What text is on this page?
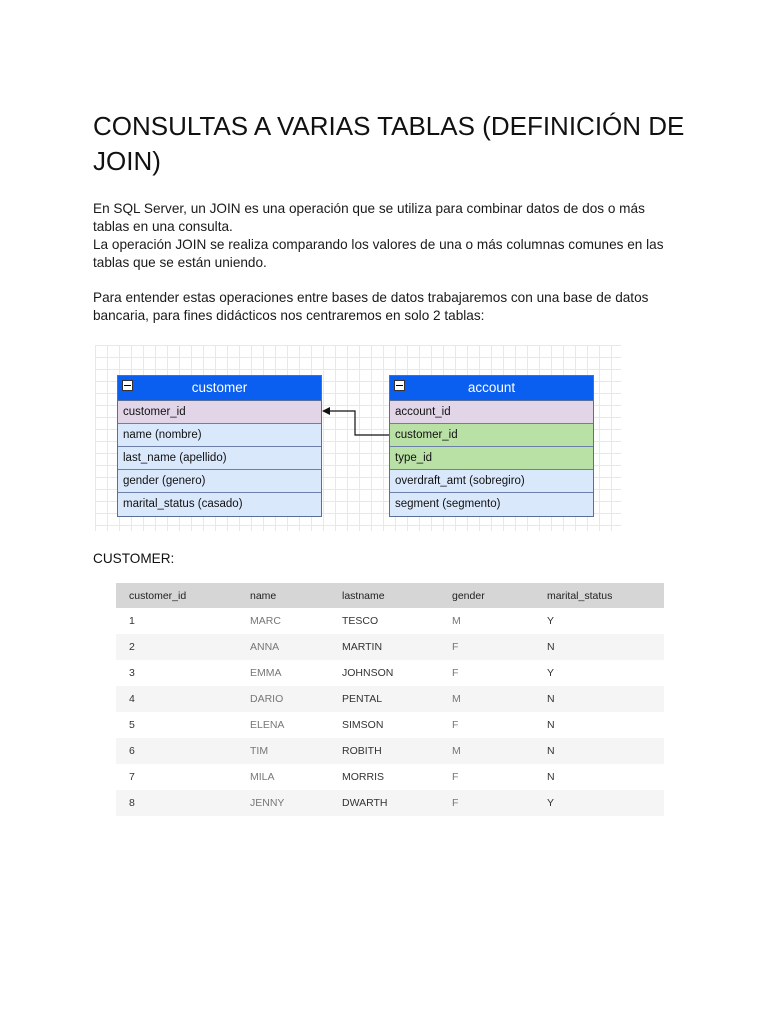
CONSULTAS A VARIAS TABLAS (DEFINICIÓN DE JOIN)

En SQL Server, un JOIN es una operación que se utiliza para combinar datos de dos o más tablas en una consulta.
La operación JOIN se realiza comparando los valores de una o más columnas comunes en las tablas que se están uniendo.

Para entender estas operaciones entre bases de datos trabajaremos con una base de datos bancaria, para fines didácticos nos centraremos en solo 2 tablas:

customer
customer_id
name (nombre)
last_name (apellido)
gender (genero)
marital_status (casado)
account
account_id
customer_id
type_id
overdraft_amt (sobregiro)
segment (segmento)
CUSTOMER:
customer_id	name	lastname	gender	marital_status
1	MARC	TESCO	M	Y
2	ANNA	MARTIN	F	N
3	EMMA	JOHNSON	F	Y
4	DARIO	PENTAL	M	N
5	ELENA	SIMSON	F	N
6	TIM	ROBITH	M	N
7	MILA	MORRIS	F	N
8	JENNY	DWARTH	F	Y
